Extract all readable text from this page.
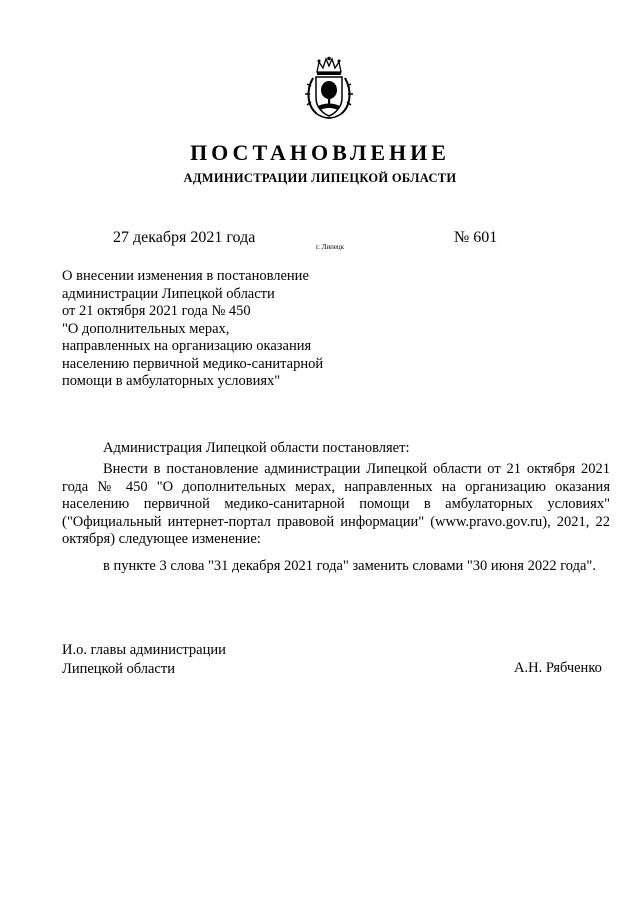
ПОСТАНОВЛЕНИЕ
АДМИНИСТРАЦИИ ЛИПЕЦКОЙ ОБЛАСТИ
27 декабря 2021 года
г. Липецк
№ 601
О внесении изменения в постановление
администрации Липецкой области
от 21 октября 2021 года № 450
"О дополнительных мерах,
направленных на организацию оказания
населению первичной медико-санитарной
помощи в амбулаторных условиях"
Администрация Липецкой области постановляет:

Внести в постановление администрации Липецкой области от 21 октября 2021 года № 450 "О дополнительных мерах, направленных на организацию оказания населению первичной медико-санитарной помощи в амбулаторных условиях" ("Официальный интернет-портал правовой информации" (www.pravo.gov.ru), 2021, 22 октября) следующее изменение:

в пункте 3 слова "31 декабря 2021 года" заменить словами "30 июня 2022 года".

И.о. главы администрации
Липецкой области	А.Н. Рябченко
